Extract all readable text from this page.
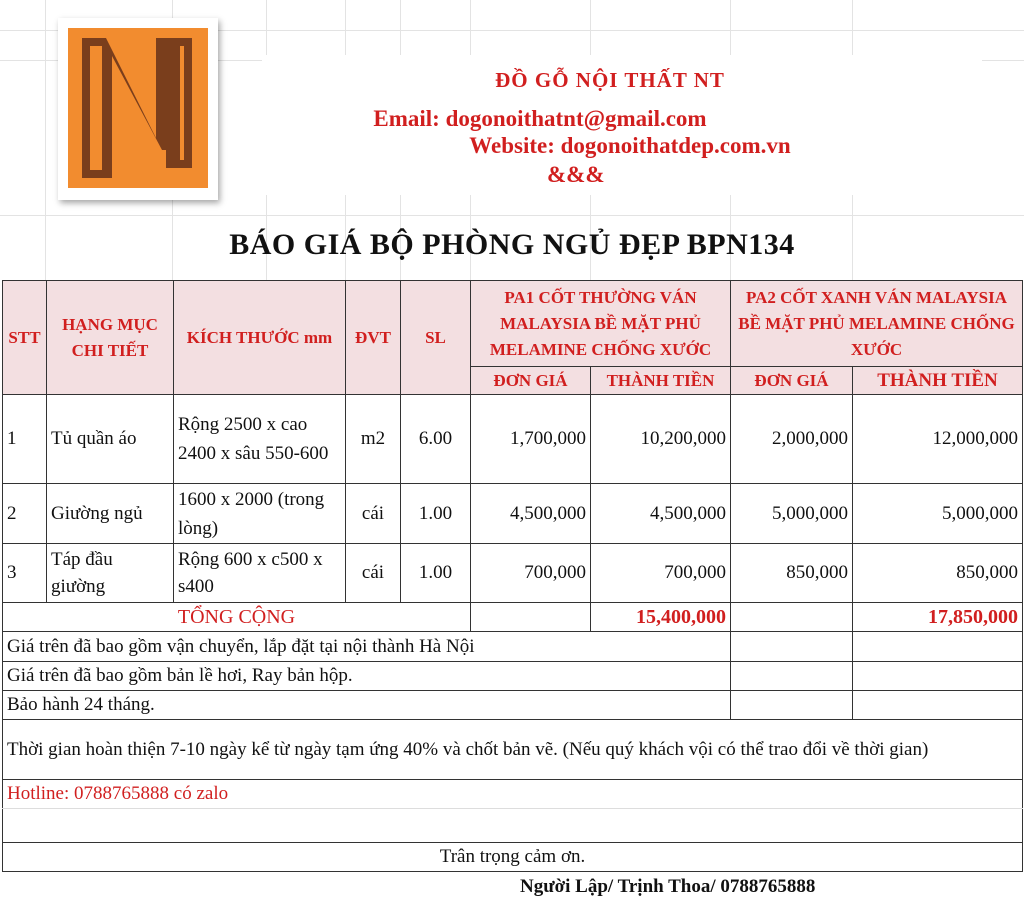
ĐỒ GỖ NỘI THẤT NT
Email: dogonoithatnt@gmail.com
Website: dogonoithatdep.com.vn
&&&
BÁO GIÁ BỘ PHÒNG NGỦ ĐẸP BPN134
STT	HẠNG MỤC CHI TIẾT	KÍCH THƯỚC mm	ĐVT	SL	PA1 CỐT THƯỜNG VÁN MALAYSIA BỀ MẶT PHỦ MELAMINE CHỐNG XƯỚC		PA2 CỐT XANH VÁN MALAYSIA BỀ MẶT PHỦ MELAMINE CHỐNG XƯỚC	
					ĐƠN GIÁ	THÀNH TIỀN	ĐƠN GIÁ	THÀNH TIỀN
1	Tủ quần áo	Rộng 2500 x cao 2400 x sâu 550-600	m2	6.00	1,700,000	10,200,000	2,000,000	12,000,000
2	Giường ngủ	1600 x 2000 (trong lòng)	cái	1.00	4,500,000	4,500,000	5,000,000	5,000,000
3	Táp đầu giường	Rộng 600 x c500 x s400	cái	1.00	700,000	700,000	850,000	850,000
TỔNG CỘNG						15,400,000		17,850,000
Giá trên đã bao gồm vận chuyển, lắp đặt tại nội thành Hà Nội								
Giá trên đã bao gồm bản lề hơi, Ray bản hộp.								
Bảo hành 24 tháng.								
Thời gian hoàn thiện 7-10 ngày kể từ ngày tạm ứng 40% và chốt bản vẽ. (Nếu quý khách vội có thể trao đổi về thời gian)								
Hotline: 0788765888 có zalo								

Trân trọng cảm ơn.								
Người Lập/ Trịnh Thoa/ 0788765888
